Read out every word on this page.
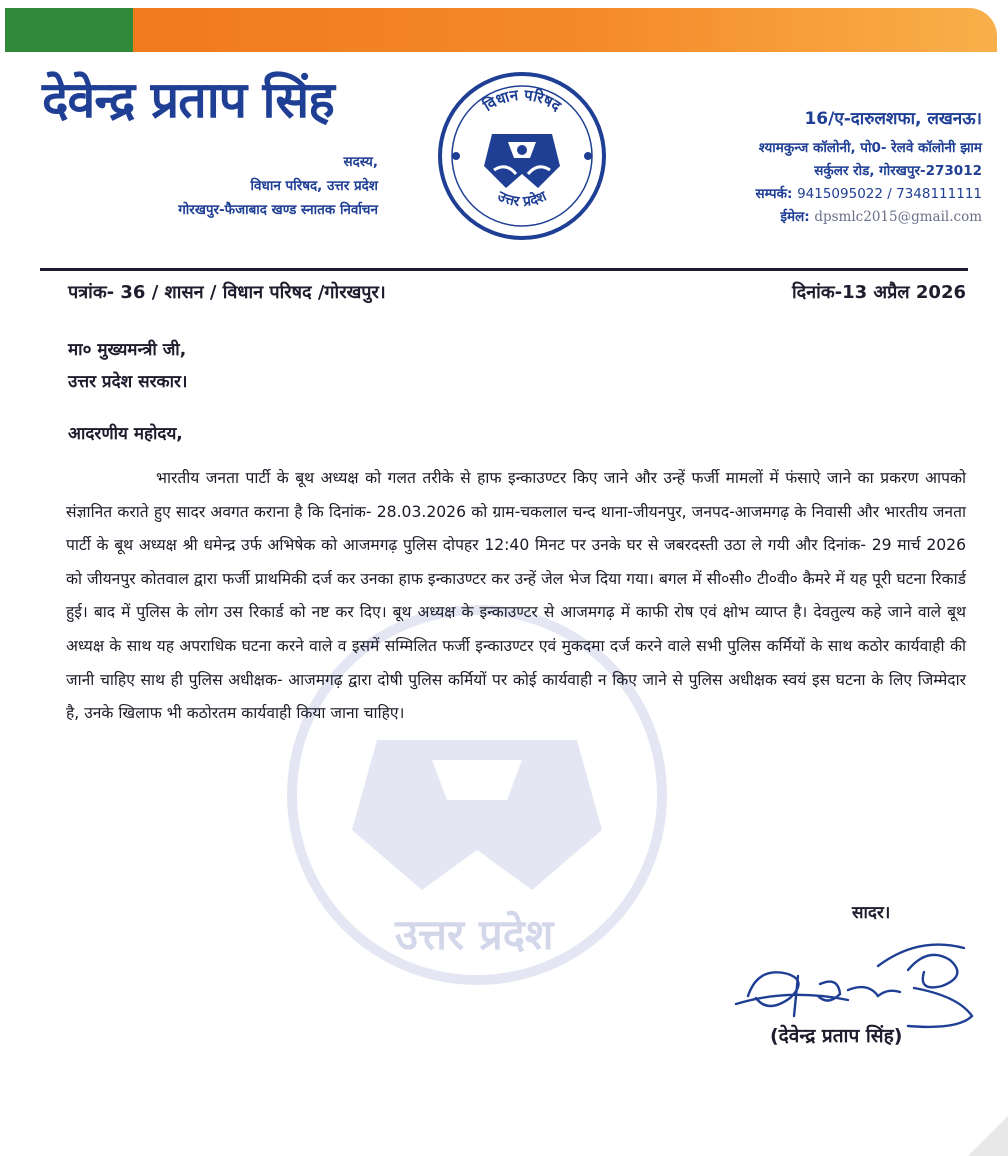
देवेन्द्र प्रताप सिंह
सदस्य,
विधान परिषद, उत्तर प्रदेश
गोरखपुर-फैजाबाद खण्ड स्नातक निर्वाचन
विधान परिषद
उत्तर प्रदेश
16/ए-दारुलशफा, लखनऊ।
श्यामकुन्ज कॉलोनी, पो0- रेलवे कॉलोनी झाम
सर्कुलर रोड, गोरखपुर-273012
सम्पर्क: 9415095022 / 7348111111
ईमेल: dpsmlc2015@gmail.com
पत्रांक- 36 / शासन / विधान परिषद /गोरखपुर।	दिनांक-13 अप्रैल 2026
मा० मुख्यमन्त्री जी,
उत्तर प्रदेश सरकार।
आदरणीय महोदय,
उत्तर प्रदेश
भारतीय जनता पार्टी के बूथ अध्यक्ष को गलत तरीके से हाफ इन्काउण्टर किए जाने और उन्हें फर्जी मामलों में फंसाऐ जाने का प्रकरण आपको संज्ञानित कराते हुए सादर अवगत कराना है कि दिनांक- 28.03.2026 को ग्राम-चकलाल चन्द थाना-जीयनपुर, जनपद-आजमगढ़ के निवासी और भारतीय जनता पार्टी के बूथ अध्यक्ष श्री धमेन्द्र उर्फ अभिषेक को आजमगढ़ पुलिस दोपहर 12:40 मिनट पर उनके घर से जबरदस्ती उठा ले गयी और दिनांक- 29 मार्च 2026 को जीयनपुर कोतवाल द्वारा फर्जी प्राथमिकी दर्ज कर उनका हाफ इन्काउण्टर कर उन्हें जेल भेज दिया गया। बगल में सी०सी० टी०वी० कैमरे में यह पूरी घटना रिकार्ड हुई। बाद में पुलिस के लोग उस रिकार्ड को नष्ट कर दिए। बूथ अध्यक्ष के इन्काउण्टर से आजमगढ़ में काफी रोष एवं क्षोभ व्याप्त है। देवतुल्य कहे जाने वाले बूथ अध्यक्ष के साथ यह अपराधिक घटना करने वाले व इसमें सम्मिलित फर्जी इन्काउण्टर एवं मुकदमा दर्ज करने वाले सभी पुलिस कर्मियों के साथ कठोर कार्यवाही की जानी चाहिए साथ ही पुलिस अधीक्षक- आजमगढ़ द्वारा दोषी पुलिस कर्मियों पर कोई कार्यवाही न किए जाने से पुलिस अधीक्षक स्वयं इस घटना के लिए जिम्मेदार है, उनके खिलाफ भी कठोरतम कार्यवाही किया जाना चाहिए।
सादर।
(देवेन्द्र प्रताप सिंह)
